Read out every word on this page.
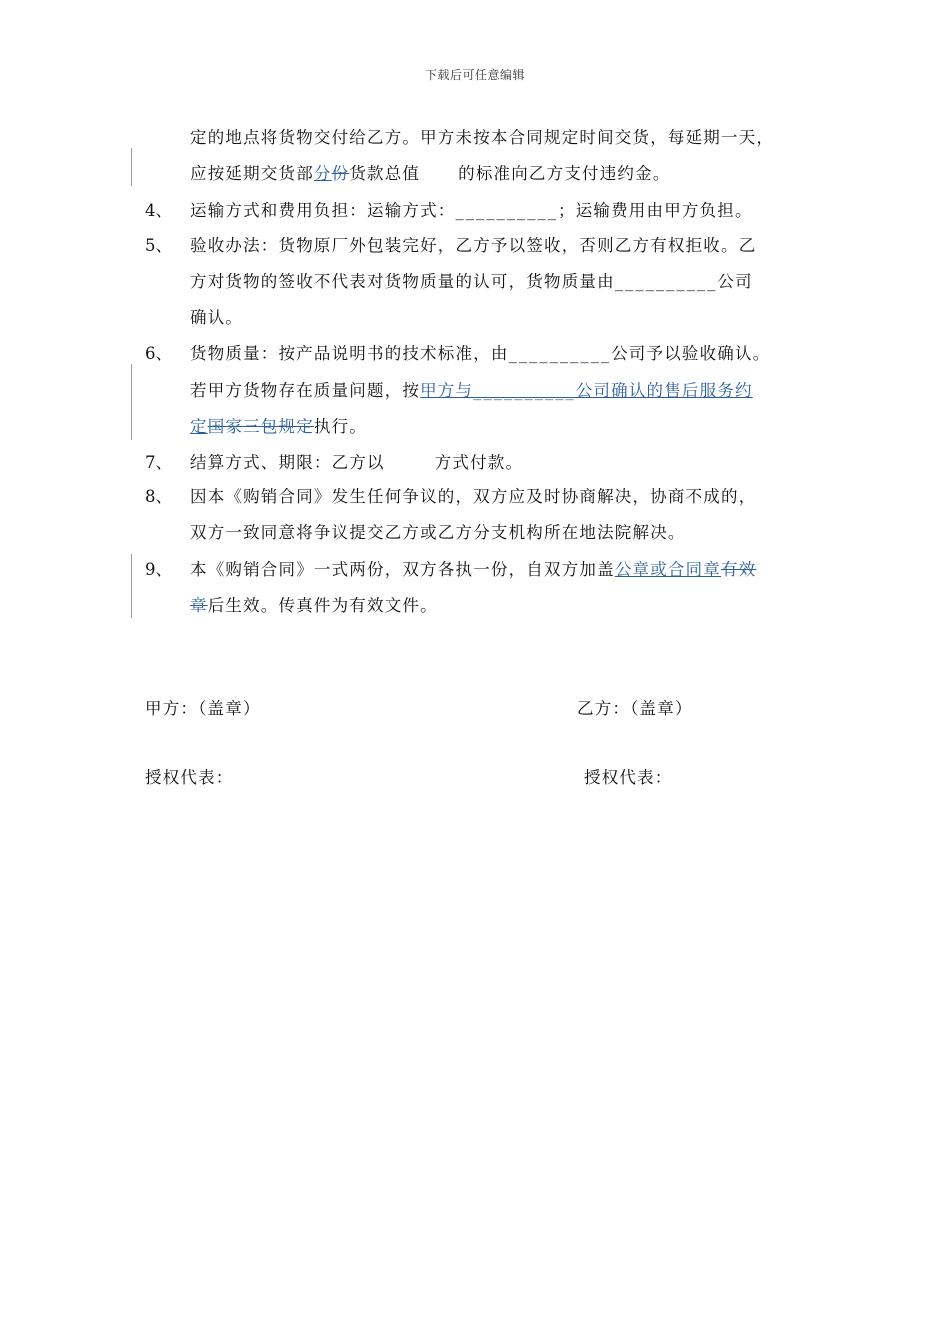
下载后可任意编辑
定的地点将货物交付给乙方。甲方未按本合同规定时间交货，每延期一天，
应按延期交货部分份货款总值 的标准向乙方支付违约金。
4、 运输方式和费用负担：运输方式：__________；运输费用由甲方负担。
5、 验收办法：货物原厂外包装完好，乙方予以签收，否则乙方有权拒收。乙
方对货物的签收不代表对货物质量的认可，货物质量由__________公司
确认。
6、 货物质量：按产品说明书的技术标准，由__________公司予以验收确认。
若甲方货物存在质量问题，按甲方与__________公司确认的售后服务约
定国家三包规定执行。
7、 结算方式、期限：乙方以	方式付款。
8、 因本《购销合同》发生任何争议的，双方应及时协商解决，协商不成的，
双方一致同意将争议提交乙方或乙方分支机构所在地法院解决。
9、 本《购销合同》一式两份，双方各执一份，自双方加盖公章或合同章有效
章后生效。传真件为有效文件。
甲方：（盖章）	乙方：（盖章）
授权代表：	授权代表：
